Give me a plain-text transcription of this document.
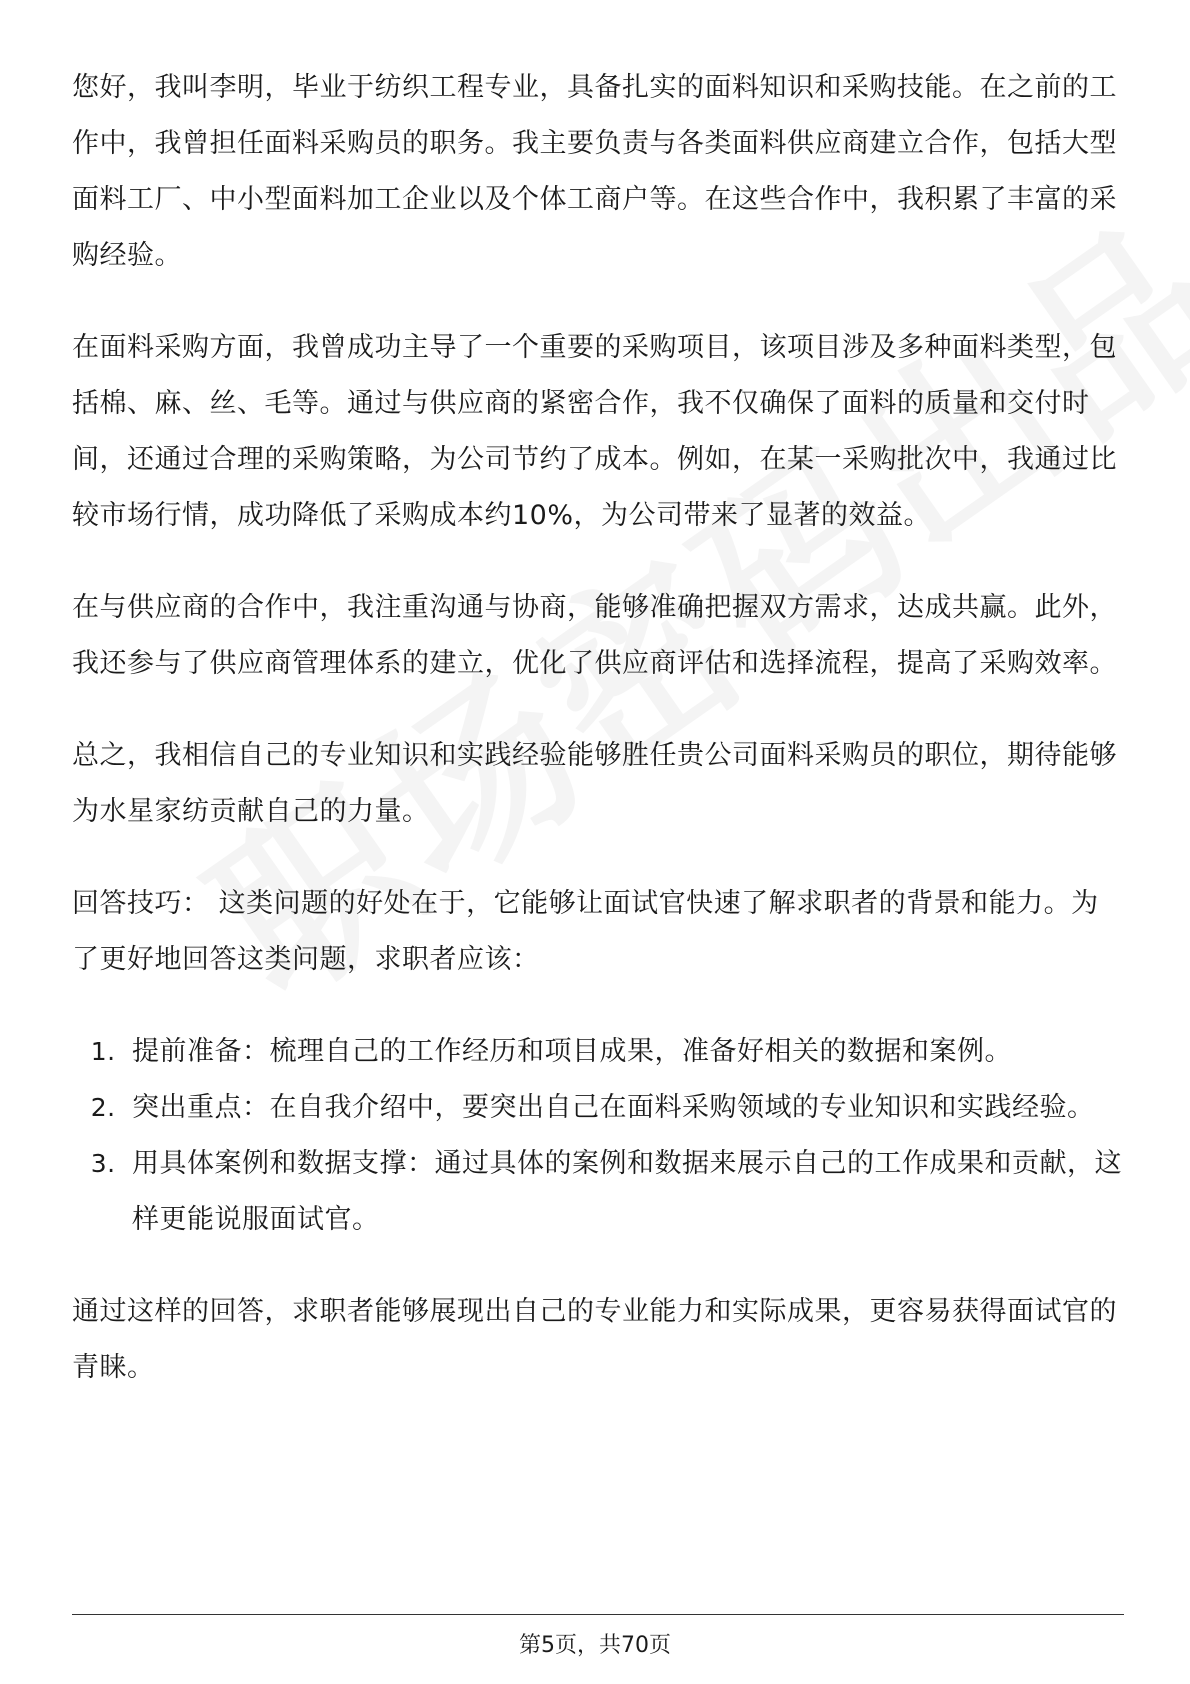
您好，我叫李明，毕业于纺织工程专业，具备扎实的面料知识和采购技能。在之前的工作中，我曾担任面料采购员的职务。我主要负责与各类面料供应商建立合作，包括大型面料工厂、中小型面料加工企业以及个体工商户等。在这些合作中，我积累了丰富的采购经验。

在面料采购方面，我曾成功主导了一个重要的采购项目，该项目涉及多种面料类型，包括棉、麻、丝、毛等。通过与供应商的紧密合作，我不仅确保了面料的质量和交付时间，还通过合理的采购策略，为公司节约了成本。例如，在某一采购批次中，我通过比较市场行情，成功降低了采购成本约10%，为公司带来了显著的效益。

在与供应商的合作中，我注重沟通与协商，能够准确把握双方需求，达成共赢。此外，我还参与了供应商管理体系的建立，优化了供应商评估和选择流程，提高了采购效率。

总之，我相信自己的专业知识和实践经验能够胜任贵公司面料采购员的职位，期待能够为水星家纺贡献自己的力量。

回答技巧： 这类问题的好处在于，它能够让面试官快速了解求职者的背景和能力。为了更好地回答这类问题，求职者应该：

1. 提前准备：梳理自己的工作经历和项目成果，准备好相关的数据和案例。
2. 突出重点：在自我介绍中，要突出自己在面料采购领域的专业知识和实践经验。
3. 用具体案例和数据支撑：通过具体的案例和数据来展示自己的工作成果和贡献，这样更能说服面试官。

通过这样的回答，求职者能够展现出自己的专业能力和实际成果，更容易获得面试官的青睐。

第5页，共70页
